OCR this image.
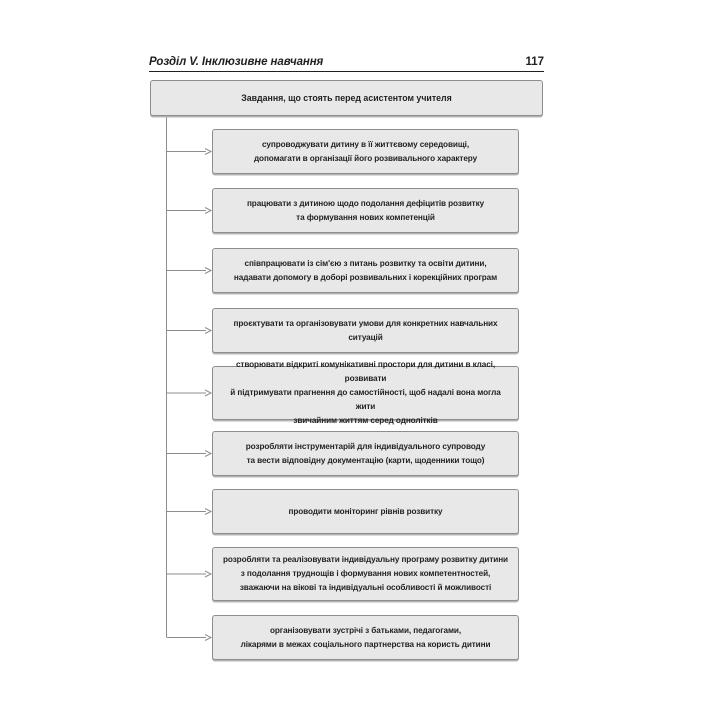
Розділ V. Інклюзивне навчання	117
Завдання, що стоять перед асистентом учителя
супроводжувати дитину в її життєвому середовищі,
допомагати в організації його розвивального характеру
працювати з дитиною щодо подолання дефіцитів розвитку
та формування нових компетенцій
співпрацювати із сім'єю з питань розвитку та освіти дитини,
надавати допомогу в доборі розвивальних і корекційних програм
проєктувати та організовувати умови для конкретних навчальних ситуацій
створювати відкриті комунікативні простори для дитини в класі, розвивати
й підтримувати прагнення до самостійності, щоб надалі вона могла жити
звичайним життям серед однолітків
розробляти інструментарій для індивідуального супроводу
та вести відповідну документацію (карти, щоденники тощо)
проводити моніторинг рівнів розвитку
розробляти та реалізовувати індивідуальну програму розвитку дитини
з подолання труднощів і формування нових компетентностей,
зважаючи на вікові та індивідуальні особливості й можливості
організовувати зустрічі з батьками, педагогами,
лікарями в межах соціального партнерства на користь дитини
